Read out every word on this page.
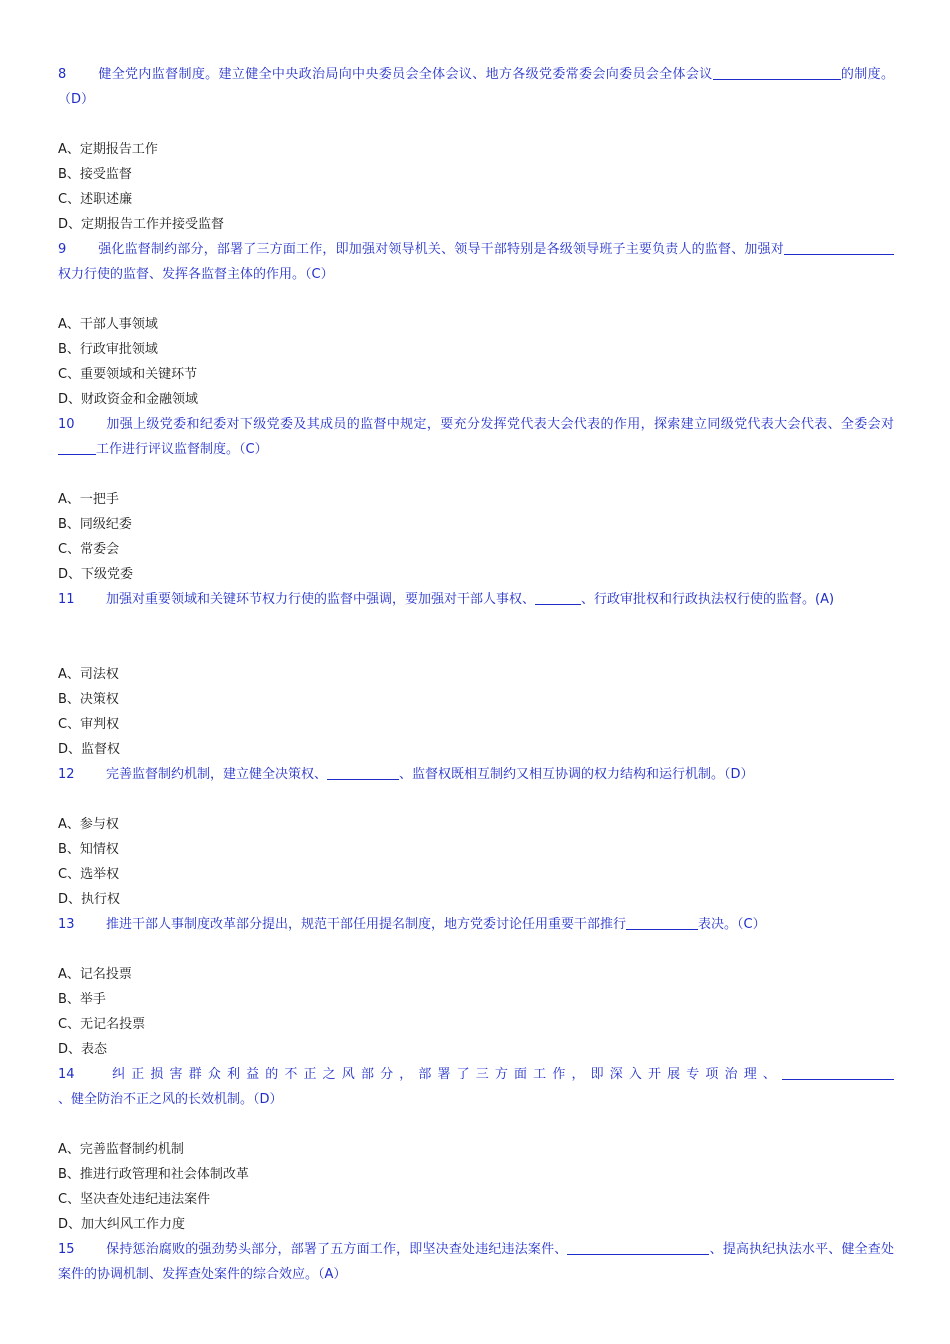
8 健全党内监督制度。建立健全中央政治局向中央委员会全体会议、地方各级党委常委会向委员会全体会议	的制度。（D）
A、定期报告工作
B、接受监督
C、述职述廉
D、定期报告工作并接受监督
9 强化监督制约部分，部署了三方面工作，即加强对领导机关、领导干部特别是各级领导班子主要负责人的监督、加强对权力行使的监督、发挥各监督主体的作用。（C）
A、干部人事领域
B、行政审批领域
C、重要领域和关键环节
D、财政资金和金融领域
10 加强上级党委和纪委对下级党委及其成员的监督中规定，要充分发挥党代表大会代表的作用，探索建立同级党代表大会代表、全委会对工作进行评议监督制度。（C）
A、一把手
B、同级纪委
C、常委会
D、下级党委
11 加强对重要领域和关键环节权力行使的监督中强调，要加强对干部人事权、	、行政审批权和行政执法权行使的监督。(A)
A、司法权
B、决策权
C、审判权
D、监督权
12 完善监督制约机制，建立健全决策权、	、监督权既相互制约又相互协调的权力结构和运行机制。（D）
A、参与权
B、知情权
C、选举权
D、执行权
13 推进干部人事制度改革部分提出，规范干部任用提名制度，地方党委讨论任用重要干部推行	表决。（C）
A、记名投票
B、举手
C、无记名投票
D、表态
14 纠正损害群众利益的不正之风部分，部署了三方面工作，即深入开展专项治理、、健全防治不正之风的长效机制。（D）
A、完善监督制约机制
B、推进行政管理和社会体制改革
C、坚决查处违纪违法案件
D、加大纠风工作力度
15 保持惩治腐败的强劲势头部分，部署了五方面工作，即坚决查处违纪违法案件、	、提高执纪执法水平、健全查处案件的协调机制、发挥查处案件的综合效应。（A）
